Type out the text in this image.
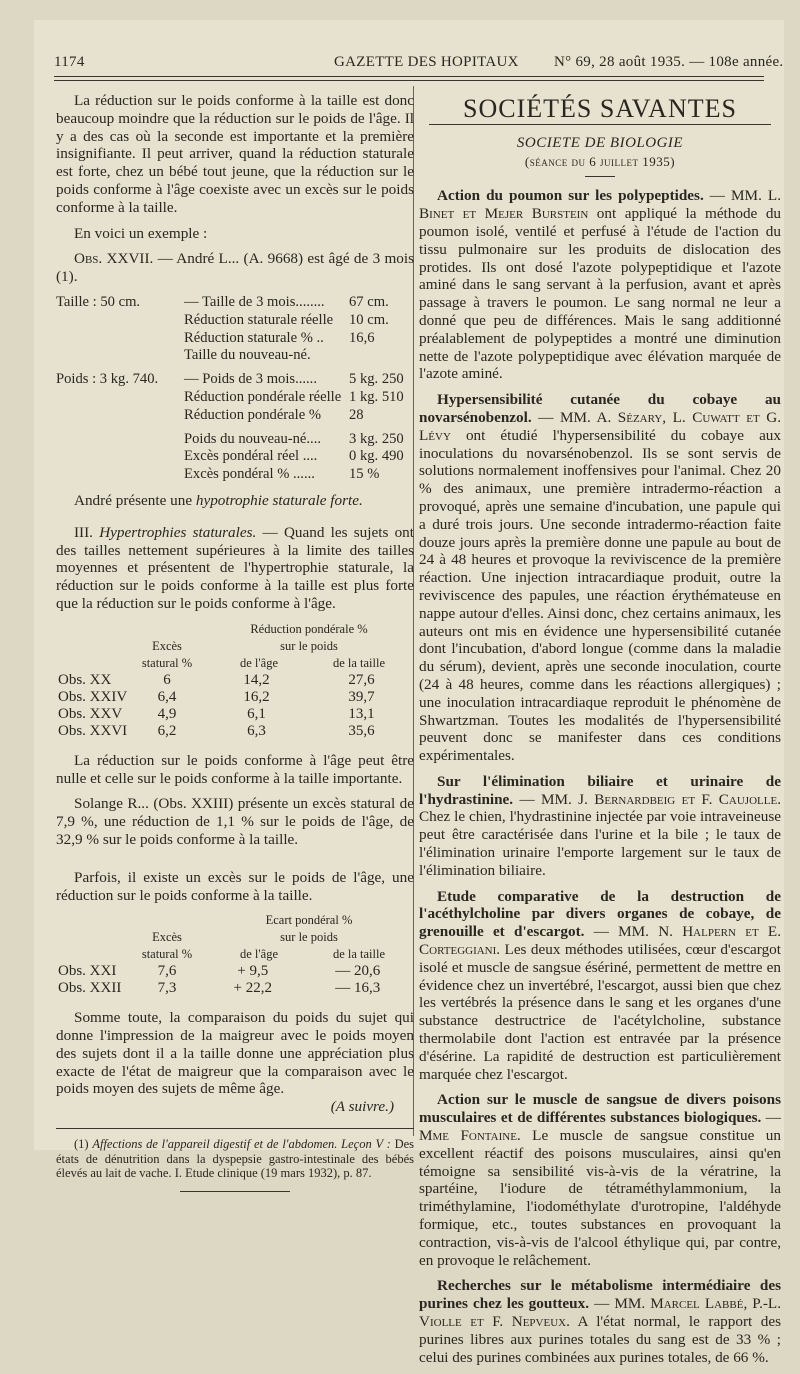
1174	GAZETTE DES HOPITAUX N° 69, 28 août 1935. — 108e année.

La réduction sur le poids conforme à la taille est donc beaucoup moindre que la réduction sur le poids de l'âge. Il y a des cas où la seconde est importante et la première insignifiante. Il peut arriver, quand la réduction staturale est forte, chez un bébé tout jeune, que la réduction sur le poids conforme à l'âge coexiste avec un excès sur le poids conforme à la taille.

En voici un exemple :

Obs. XXVII. — André L... (A. 9668) est âgé de 3 mois (1).

Taille : 50 cm.	— Taille de 3 mois........	67 cm.
Réduction staturale réelle	10 cm.
Réduction staturale % ..	16,6
Taille du nouveau-né.
Poids : 3 kg. 740.	— Poids de 3 mois......	5 kg. 250
Réduction pondérale réelle 1 kg. 510
Réduction pondérale %	28
Poids du nouveau-né....	3 kg. 250
Excès pondéral réel ....	0 kg. 490
Excès pondéral % ......	15 %

André présente une hypotrophie staturale forte.

III. Hypertrophies staturales. — Quand les sujets ont des tailles nettement supérieures à la limite des tailles moyennes et présentent de l'hypertrophie staturale, la réduction sur le poids conforme à la taille est plus forte que la réduction sur le poids conforme à l'âge.

	Excès
statural %	Réduction pondérale %
sur le poids
de l'âge de la taille	
Obs. XX	6	14,2	27,6
Obs. XXIV	6,4	16,2	39,7
Obs. XXV	4,9	6,1	13,1
Obs. XXVI	6,2	6,3	35,6

La réduction sur le poids conforme à l'âge peut être nulle et celle sur le poids conforme à la taille importante.

Solange R... (Obs. XXIII) présente un excès statural de 7,9 %, une réduction de 1,1 % sur le poids de l'âge, de 32,9 % sur le poids conforme à la taille.

Parfois, il existe un excès sur le poids de l'âge, une réduction sur le poids conforme à la taille.

	Excès
statural %	Ecart pondéral %
sur le poids
de l'âge de la taille	
Obs. XXI	7,6	+ 9,5	— 20,6
Obs. XXII	7,3	+ 22,2	— 16,3

Somme toute, la comparaison du poids du sujet qui donne l'impression de la maigreur avec le poids moyen des sujets dont il a la taille donne une appréciation plus exacte de l'état de maigreur que la comparaison avec le poids moyen des sujets de même âge.

(A suivre.)

(1) Affections de l'appareil digestif et de l'abdomen. Leçon V : Des états de dénutrition dans la dyspepsie gastro-intestinale des bébés élevés au lait de vache. I. Etude clinique (19 mars 1932), p. 87.

SOCIÉTÉS SAVANTES
SOCIETE DE BIOLOGIE
(séance du 6 juillet 1935)

Action du poumon sur les polypeptides. — MM. L. Binet et Mejer Burstein ont appliqué la méthode du poumon isolé, ventilé et perfusé à l'étude de l'action du tissu pulmonaire sur les produits de dislocation des protides. Ils ont dosé l'azote polypeptidique et l'azote aminé dans le sang servant à la perfusion, avant et après passage à travers le poumon. Le sang normal ne leur a donné que peu de différences. Mais le sang additionné préalablement de polypeptides a montré une diminution nette de l'azote polypeptidique avec élévation marquée de l'azote aminé.

Hypersensibilité cutanée du cobaye au novarsénobenzol. — MM. A. Sézary, L. Cuwatt et G. Lévy ont étudié l'hypersensibilité du cobaye aux inoculations du novarsénobenzol. Ils se sont servis de solutions normalement inoffensives pour l'animal. Chez 20 % des animaux, une première intradermo-réaction a provoqué, après une semaine d'incubation, une papule qui a duré trois jours. Une seconde intradermo-réaction faite douze jours après la première donne une papule au bout de 24 à 48 heures et provoque la reviviscence de la première réaction. Une injection intracardiaque produit, outre la reviviscence des papules, une réaction érythémateuse en nappe autour d'elles. Ainsi donc, chez certains animaux, les auteurs ont mis en évidence une hypersensibilité cutanée dont l'incubation, d'abord longue (comme dans la maladie du sérum), devient, après une seconde inoculation, courte (24 à 48 heures, comme dans les réactions allergiques) ; une inoculation intracardiaque reproduit le phénomène de Shwartzman. Toutes les modalités de l'hypersensibilité peuvent donc se manifester dans ces conditions expérimentales.

Sur l'élimination biliaire et urinaire de l'hydrastinine. — MM. J. Bernardbeig et F. Caujolle. Chez le chien, l'hydrastinine injectée par voie intraveineuse peut être caractérisée dans l'urine et la bile ; le taux de l'élimination urinaire l'emporte largement sur le taux de l'élimination biliaire.

Etude comparative de la destruction de l'acéthylcholine par divers organes de cobaye, de grenouille et d'escargot. — MM. N. Halpern et E. Corteggiani. Les deux méthodes utilisées, cœur d'escargot isolé et muscle de sangsue ésériné, permettent de mettre en évidence chez un invertébré, l'escargot, aussi bien que chez les vertébrés la présence dans le sang et les organes d'une substance destructrice de l'acétylcholine, substance thermolabile dont l'action est entravée par la présence d'ésérine. La rapidité de destruction est particulièrement marquée chez l'escargot.

Action sur le muscle de sangsue de divers poisons musculaires et de différentes substances biologiques. — Mme Fontaine. Le muscle de sangsue constitue un excellent réactif des poisons musculaires, ainsi qu'en témoigne sa sensibilité vis-à-vis de la vératrine, la spartéine, l'iodure de tétraméthylammonium, la triméthylamine, l'iodométhylate d'urotropine, l'aldéhyde formique, etc., toutes substances en provoquant la contraction, vis-à-vis de l'alcool éthylique qui, par contre, en provoque le relâchement.

Recherches sur le métabolisme intermédiaire des purines chez les goutteux. — MM. Marcel Labbé, P.-L. Violle et F. Nepveux. A l'état normal, le rapport des purines libres aux purines totales du sang est de 33 % ; celui des purines combinées aux purines totales, de 66 %.
